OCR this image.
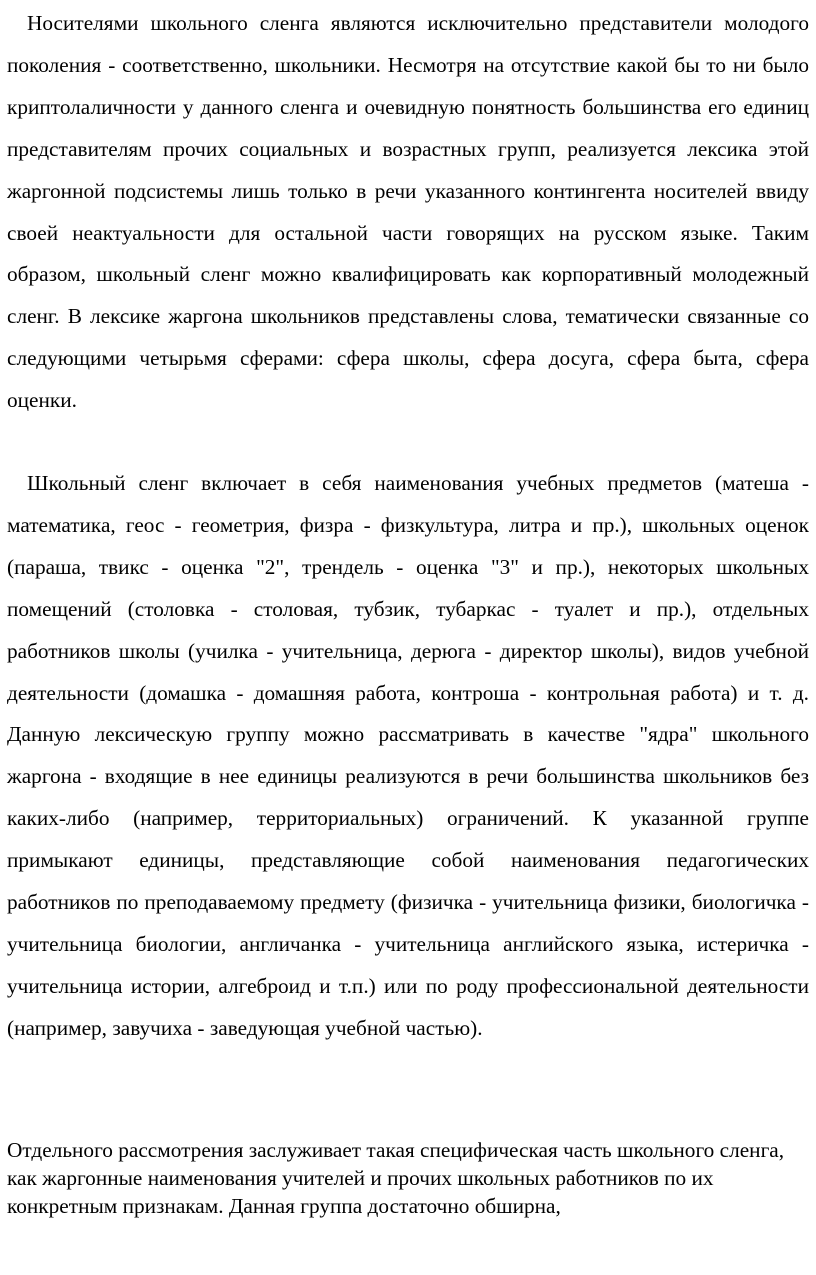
Носителями школьного сленга являются исключительно представители молодого поколения - соответственно, школьники. Несмотря на отсутствие какой бы то ни было криптолаличности у данного сленга и очевидную понятность большинства его единиц представителям прочих социальных и возрастных групп, реализуется лексика этой жаргонной подсистемы лишь только в речи указанного контингента носителей ввиду своей неактуальности для остальной части говорящих на русском языке. Таким образом, школьный сленг можно квалифицировать как корпоративный молодежный сленг. В лексике жаргона школьников представлены слова, тематически связанные со следующими четырьмя сферами: сфера школы, сфера досуга, сфера быта, сфера оценки.

Школьный сленг включает в себя наименования учебных предметов (матеша - математика, геос - геометрия, физра - физкультура, литра и пр.), школьных оценок (параша, твикс - оценка "2", трендель - оценка "3" и пр.), некоторых школьных помещений (столовка - столовая, тубзик, тубаркас - туалет и пр.), отдельных работников школы (училка - учительница, дерюга - директор школы), видов учебной деятельности (домашка - домашняя работа, контроша - контрольная работа) и т. д. Данную лексическую группу можно рассматривать в качестве "ядра" школьного жаргона - входящие в нее единицы реализуются в речи большинства школьников без каких-либо (например, территориальных) ограничений. К указанной группе примыкают единицы, представляющие собой наименования педагогических работников по преподаваемому предмету (физичка - учительница физики, биологичка - учительница биологии, англичанка - учительница английского языка, истеричка - учительница истории, алгеброид и т.п.) или по роду профессиональной деятельности (например, завучиха - заведующая учебной частью).

Отдельного рассмотрения заслуживает такая специфическая часть школьного сленга, как жаргонные наименования учителей и прочих школьных работников по их конкретным признакам. Данная группа достаточно обширна,
